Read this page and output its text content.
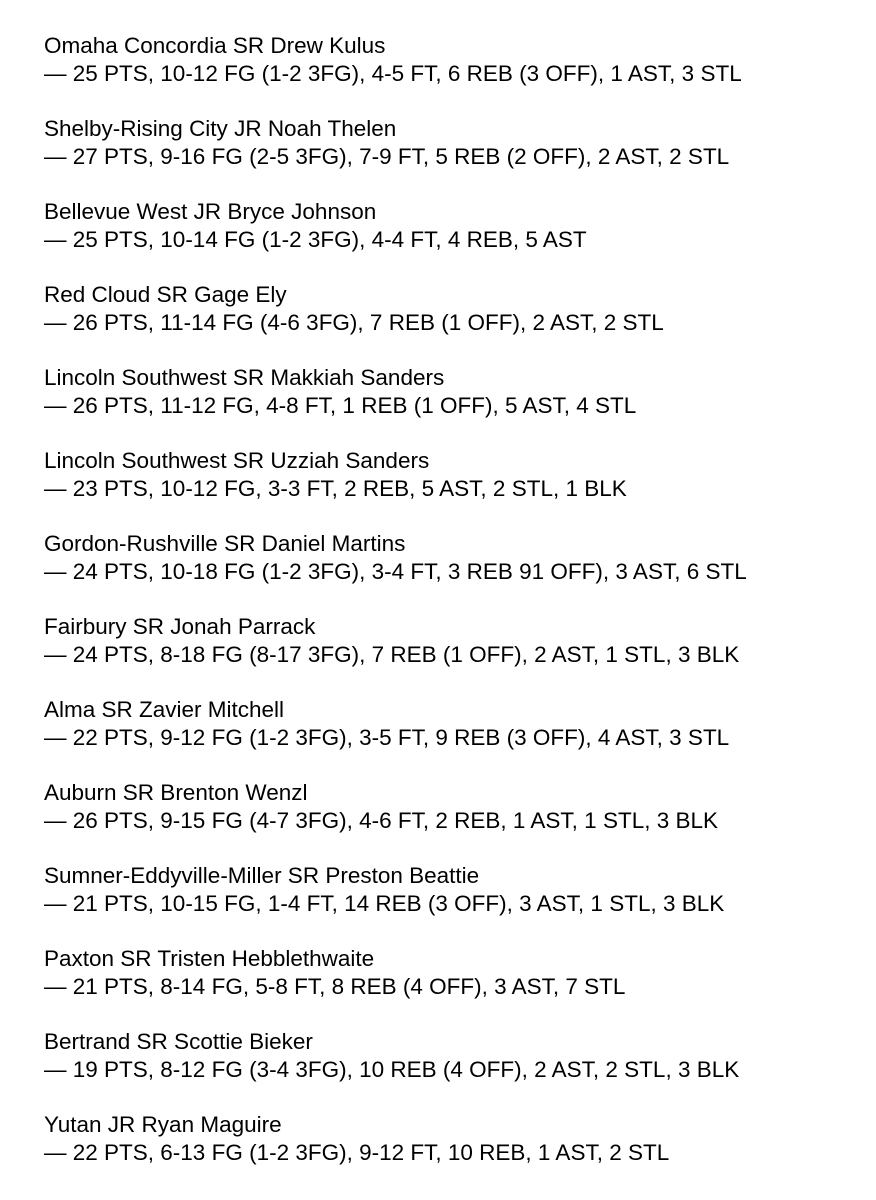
Omaha Concordia SR Drew Kulus
— 25 PTS, 10-12 FG (1-2 3FG), 4-5 FT, 6 REB (3 OFF), 1 AST, 3 STL
Shelby-Rising City JR Noah Thelen
— 27 PTS, 9-16 FG (2-5 3FG), 7-9 FT, 5 REB (2 OFF), 2 AST, 2 STL
Bellevue West JR Bryce Johnson
— 25 PTS, 10-14 FG (1-2 3FG), 4-4 FT, 4 REB, 5 AST
Red Cloud SR Gage Ely
— 26 PTS, 11-14 FG (4-6 3FG), 7 REB (1 OFF), 2 AST, 2 STL
Lincoln Southwest SR Makkiah Sanders
— 26 PTS, 11-12 FG, 4-8 FT, 1 REB (1 OFF), 5 AST, 4 STL
Lincoln Southwest SR Uzziah Sanders
— 23 PTS, 10-12 FG, 3-3 FT, 2 REB, 5 AST, 2 STL, 1 BLK
Gordon-Rushville SR Daniel Martins
— 24 PTS, 10-18 FG (1-2 3FG), 3-4 FT, 3 REB 91 OFF), 3 AST, 6 STL
Fairbury SR Jonah Parrack
— 24 PTS, 8-18 FG (8-17 3FG), 7 REB (1 OFF), 2 AST, 1 STL, 3 BLK
Alma SR Zavier Mitchell
— 22 PTS, 9-12 FG (1-2 3FG), 3-5 FT, 9 REB (3 OFF), 4 AST, 3 STL
Auburn SR Brenton Wenzl
— 26 PTS, 9-15 FG (4-7 3FG), 4-6 FT, 2 REB, 1 AST, 1 STL, 3 BLK
Sumner-Eddyville-Miller SR Preston Beattie
— 21 PTS, 10-15 FG, 1-4 FT, 14 REB (3 OFF), 3 AST, 1 STL, 3 BLK
Paxton SR Tristen Hebblethwaite
— 21 PTS, 8-14 FG, 5-8 FT, 8 REB (4 OFF), 3 AST, 7 STL
Bertrand SR Scottie Bieker
— 19 PTS, 8-12 FG (3-4 3FG), 10 REB (4 OFF), 2 AST, 2 STL, 3 BLK
Yutan JR Ryan Maguire
— 22 PTS, 6-13 FG (1-2 3FG), 9-12 FT, 10 REB, 1 AST, 2 STL
